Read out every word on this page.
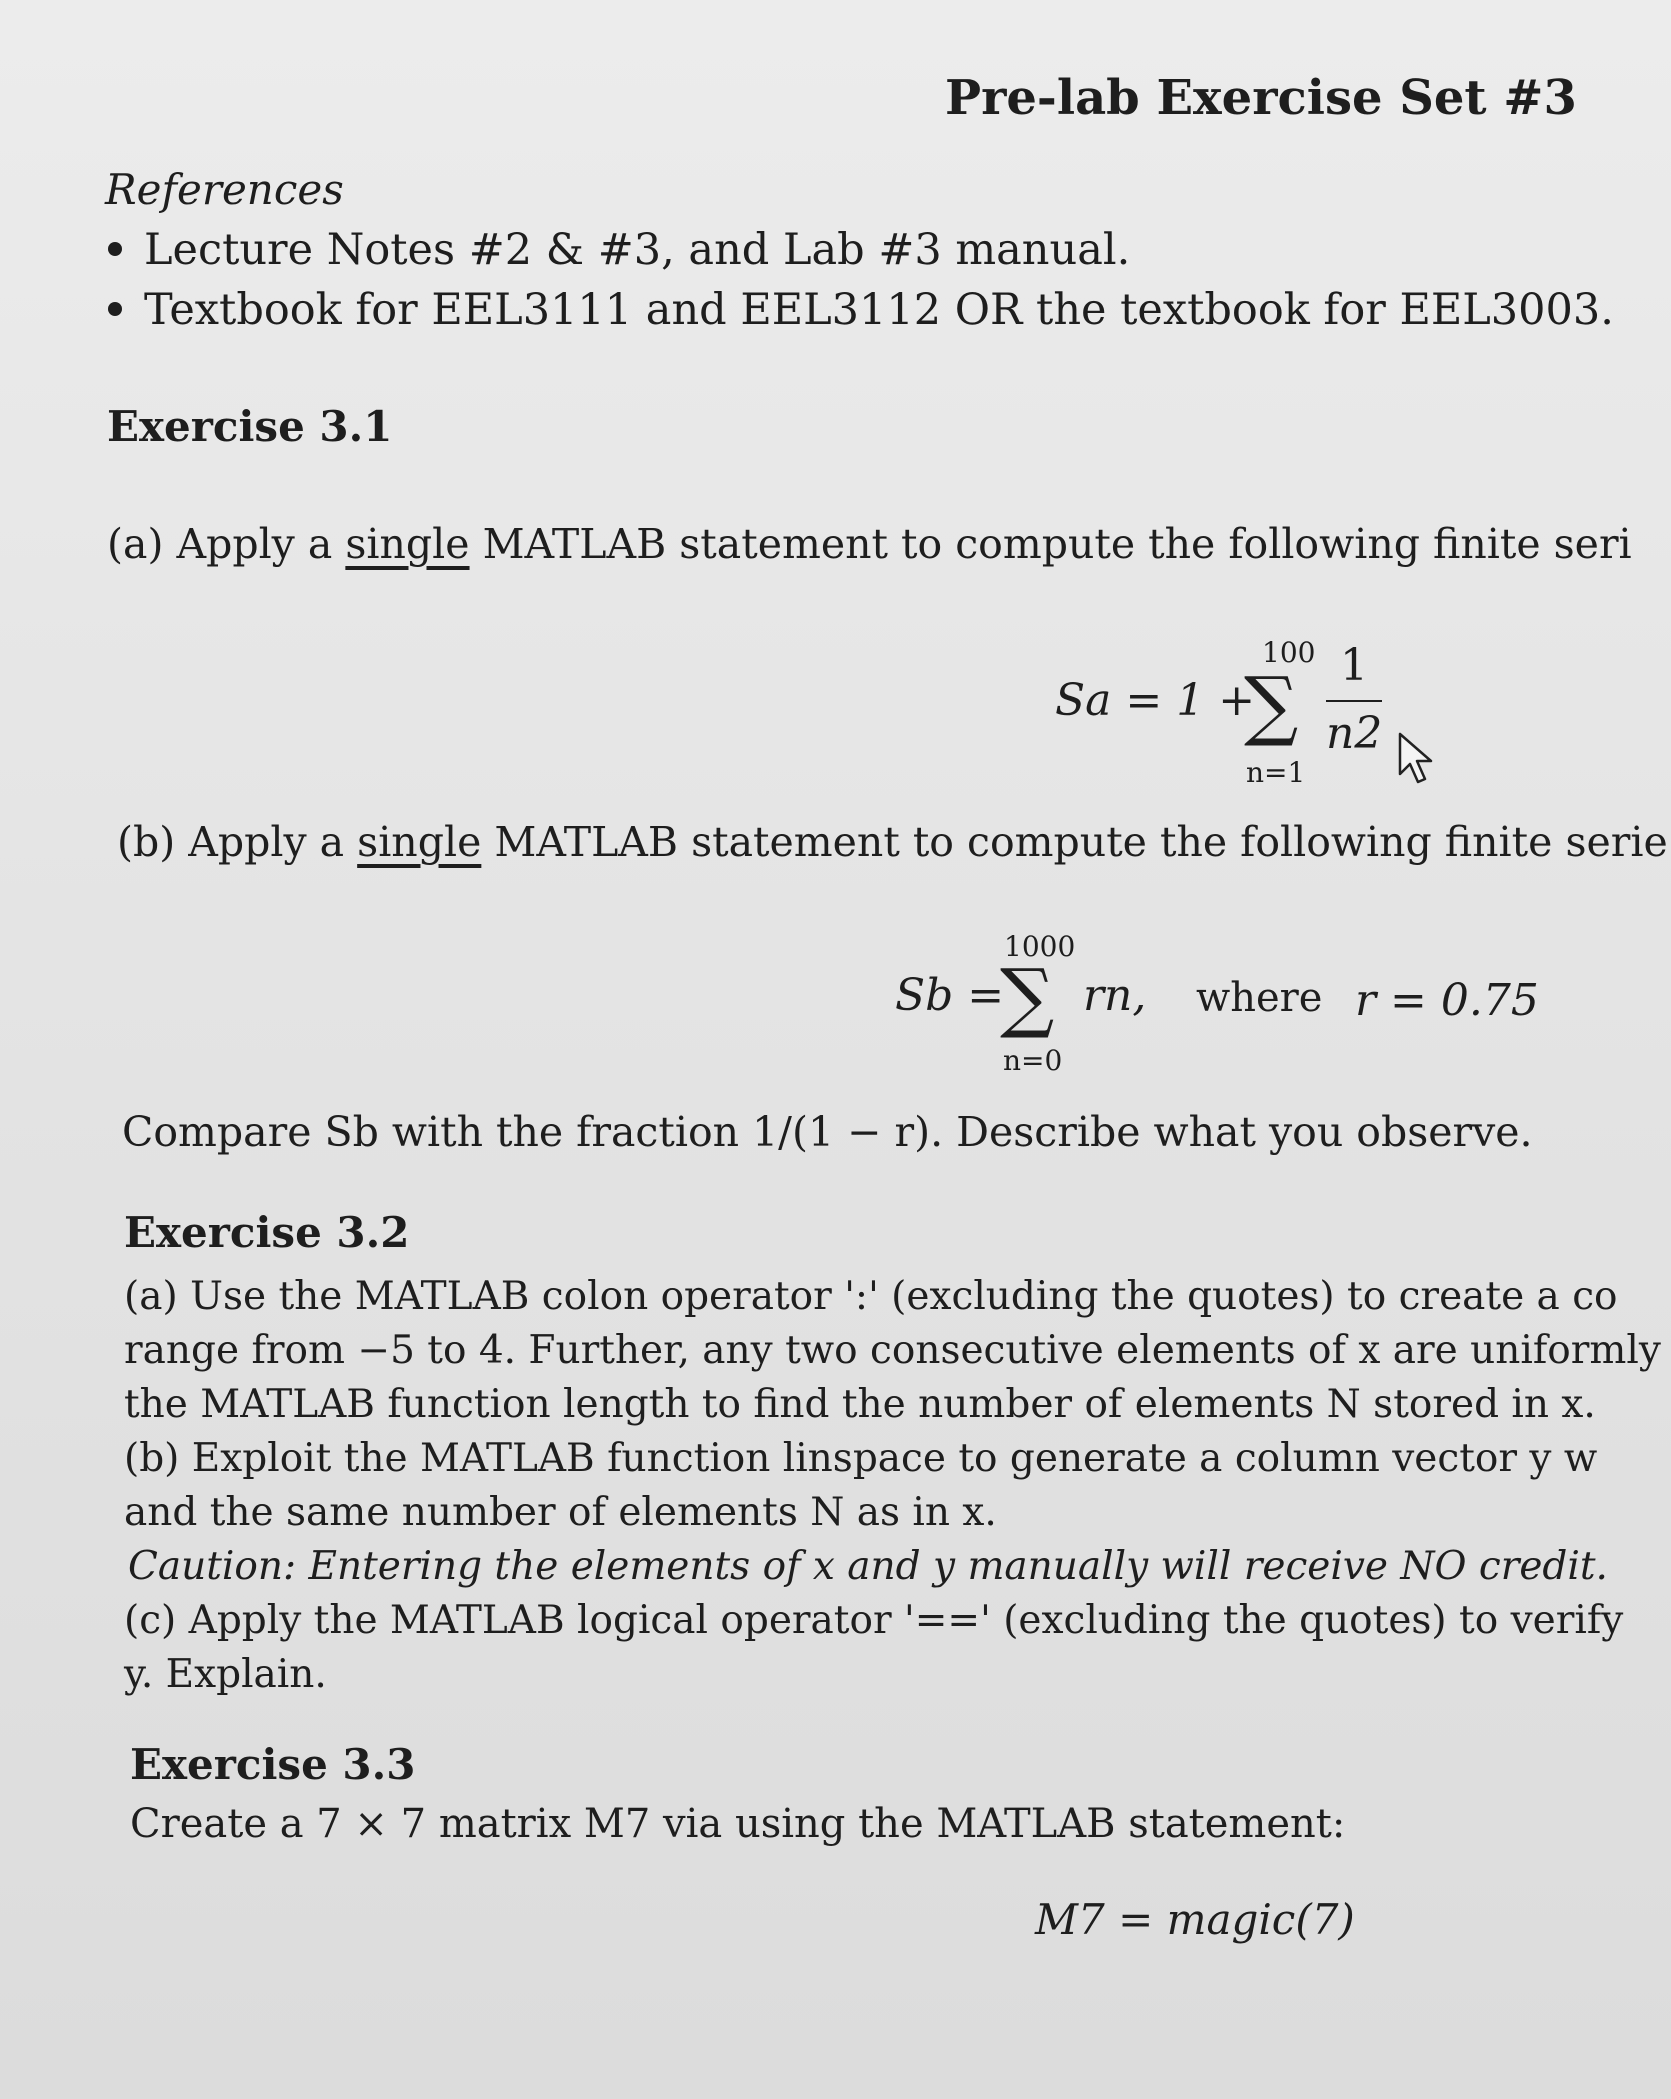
Pre-lab Exercise Set #3
References
Lecture Notes #2 & #3, and Lab #3 manual.
Textbook for EEL3111 and EEL3112 OR the textbook for EEL3003.
Exercise 3.1
(a) Apply a single MATLAB statement to compute the following finite seri
Sa = 1 +
100
∑
n=1
1
n2
(b) Apply a single MATLAB statement to compute the following finite serie
Sb =
1000
∑
n=0
rn, where r = 0.75
Compare Sb with the fraction 1/(1 − r). Describe what you observe.
Exercise 3.2
(a) Use the MATLAB colon operator ':' (excluding the quotes) to create a co
range from −5 to 4. Further, any two consecutive elements of x are uniformly
the MATLAB function length to find the number of elements N stored in x.
(b) Exploit the MATLAB function linspace to generate a column vector y w
and the same number of elements N as in x.
Caution: Entering the elements of x and y manually will receive NO credit.
(c) Apply the MATLAB logical operator '==' (excluding the quotes) to verify
y. Explain.
Exercise 3.3
Create a 7 × 7 matrix M7 via using the MATLAB statement:
M7 = magic(7)
